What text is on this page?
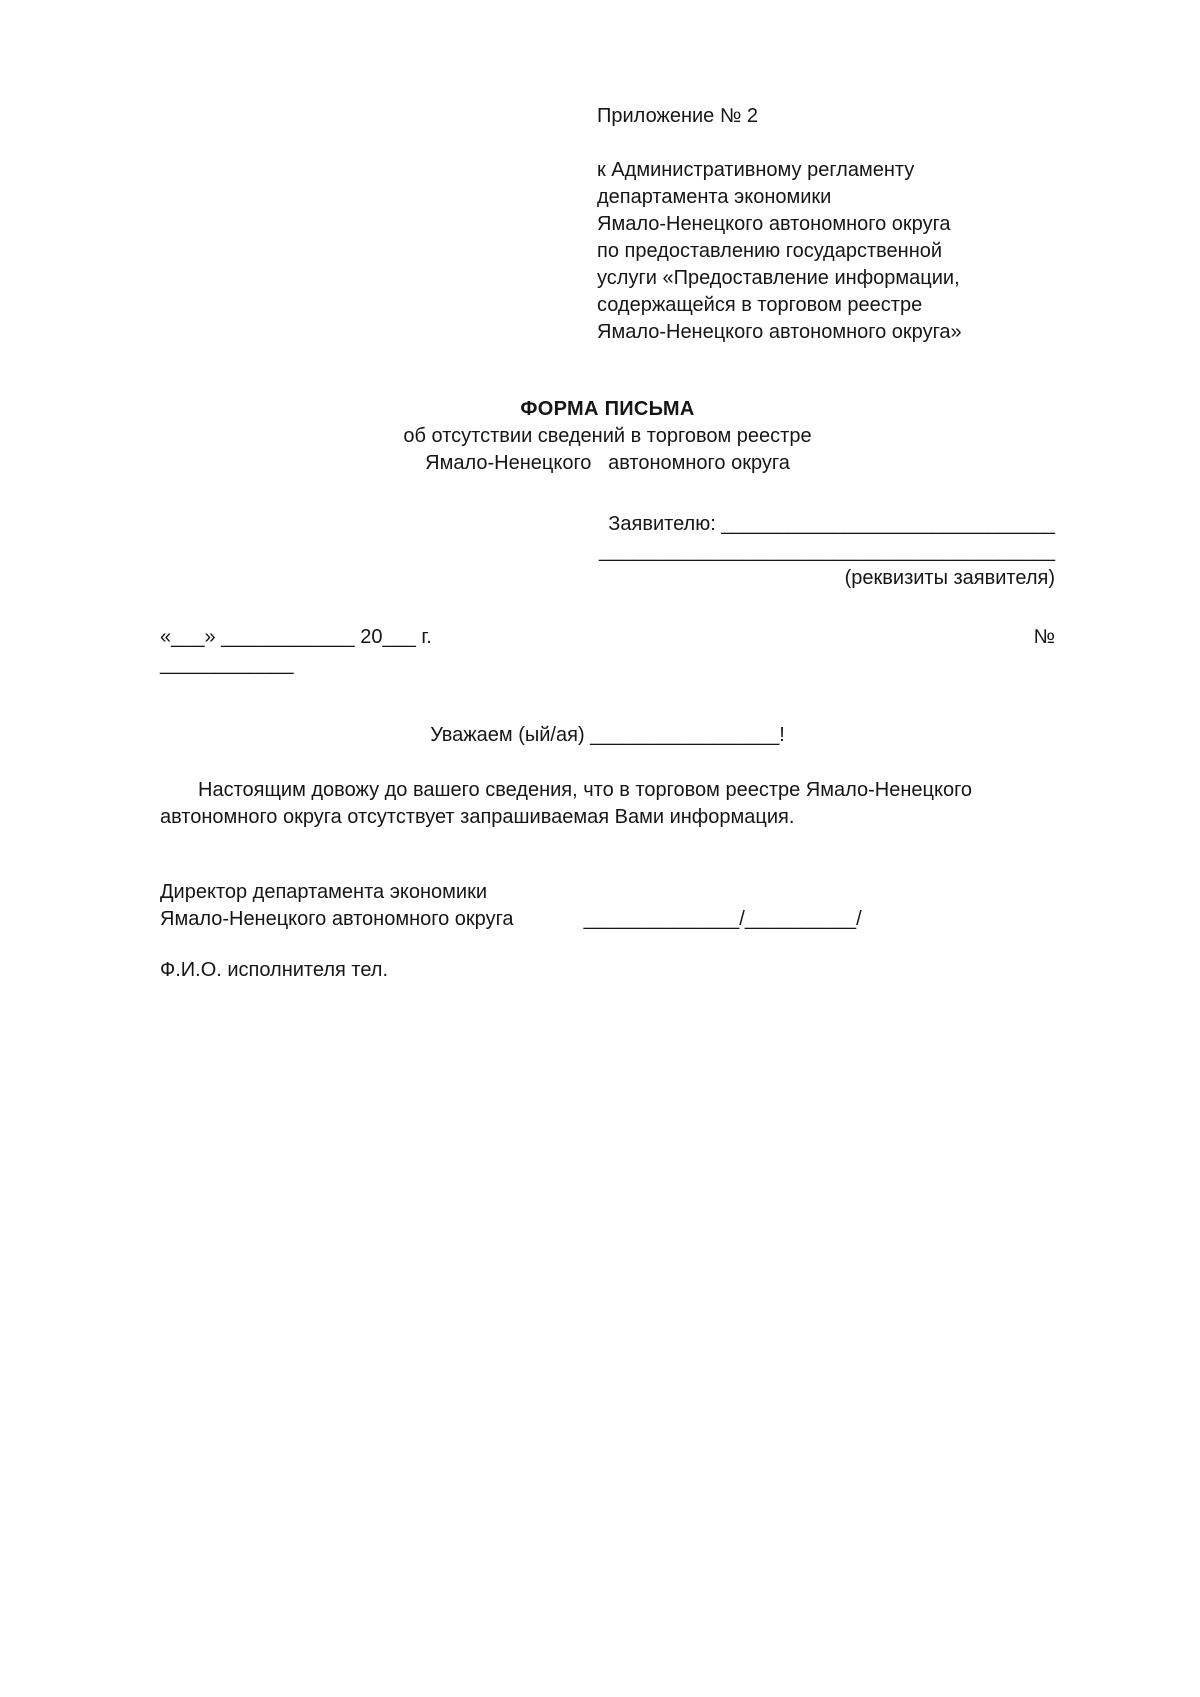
Приложение № 2
к Административному регламенту
департамента экономики
Ямало-Ненецкого автономного округа
по предоставлению государственной
услуги «Предоставление информации,
содержащейся в торговом реестре
Ямало-Ненецкого автономного округа»
ФОРМА ПИСЬМА
об отсутствии сведений в торговом реестре
Ямало-Ненецкого   автономного округа
Заявителю: ______________________________
_________________________________________
(реквизиты заявителя)
«___» ____________ 20___ г.	№
____________
Уважаем (ый/ая) _________________!
Настоящим довожу до вашего сведения, что в торговом реестре Ямало-Ненецкого автономного округа отсутствует запрашиваемая Вами информация.
Директор департамента экономики
Ямало-Ненецкого автономного округа	______________/__________/
Ф.И.О. исполнителя тел.
